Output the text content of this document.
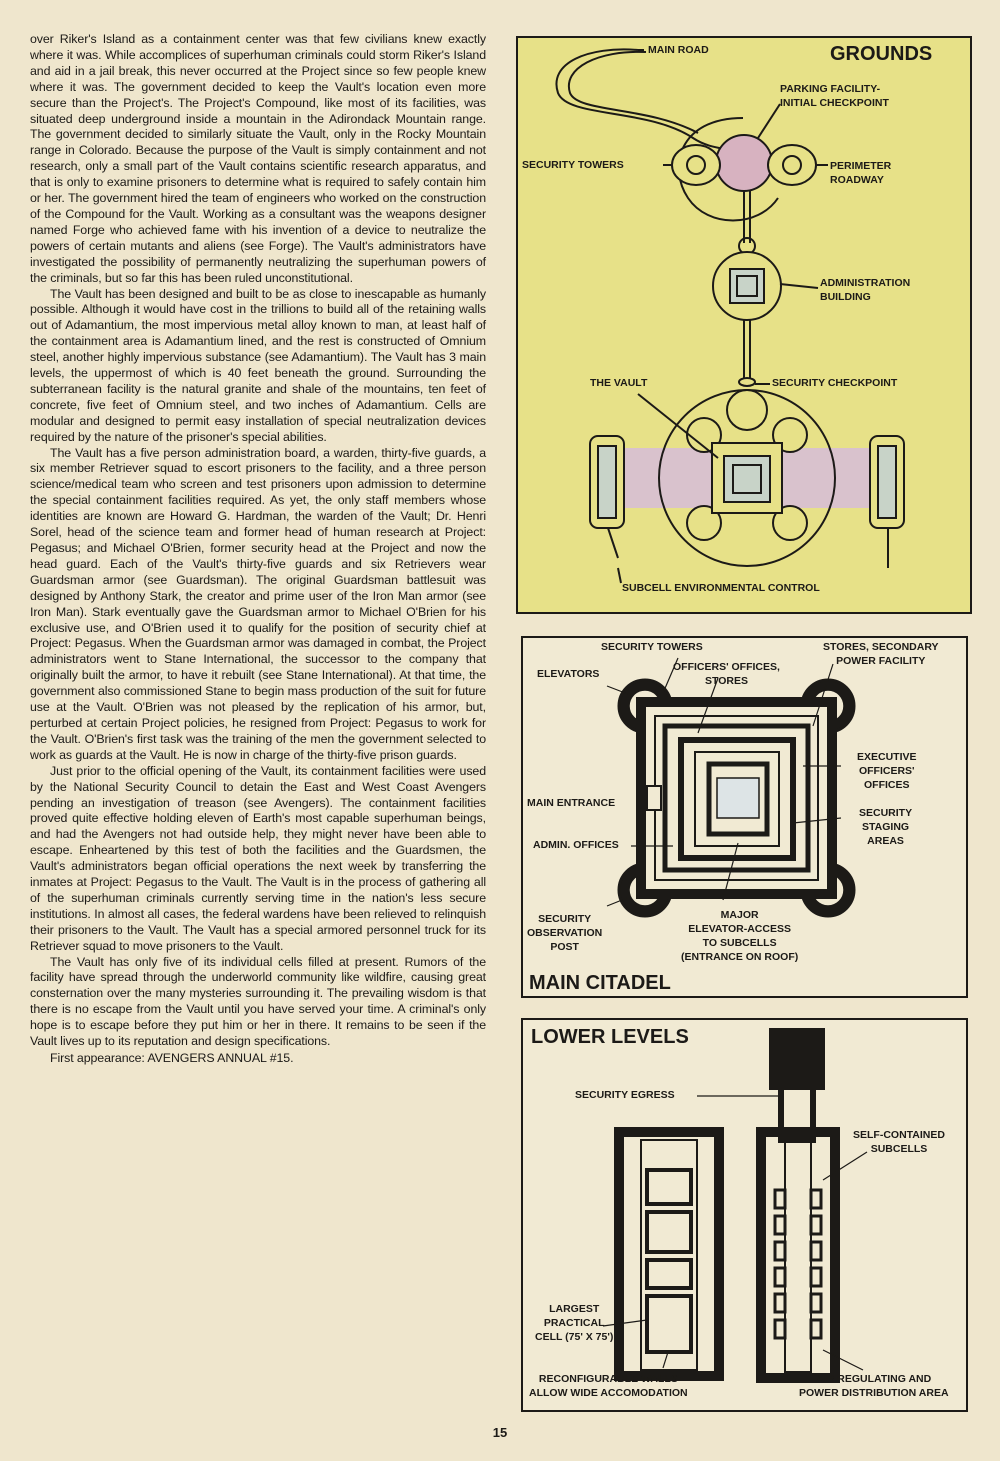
over Riker's Island as a containment center was that few civilians knew exactly where it was. While accomplices of superhuman criminals could storm Riker's Island and aid in a jail break, this never occurred at the Project since so few people knew where it was. The government decided to keep the Vault's location even more secure than the Project's. The Project's Compound, like most of its facilities, was situated deep underground inside a mountain in the Adirondack Mountain range. The government decided to similarly situate the Vault, only in the Rocky Mountain range in Colorado. Because the purpose of the Vault is simply containment and not research, only a small part of the Vault contains scientific research apparatus, and that is only to examine prisoners to determine what is required to safely contain him or her. The government hired the team of engineers who worked on the construction of the Compound for the Vault. Working as a consultant was the weapons designer named Forge who achieved fame with his invention of a device to neutralize the powers of certain mutants and aliens (see Forge). The Vault's administrators have investigated the possibility of permanently neutralizing the superhuman powers of the criminals, but so far this has been ruled unconstitutional.

The Vault has been designed and built to be as close to inescapable as humanly possible. Although it would have cost in the trillions to build all of the retaining walls out of Adamantium, the most impervious metal alloy known to man, at least half of the containment area is Adamantium lined, and the rest is constructed of Omnium steel, another highly impervious substance (see Adamantium). The Vault has 3 main levels, the uppermost of which is 40 feet beneath the ground. Surrounding the subterranean facility is the natural granite and shale of the mountains, ten feet of concrete, five feet of Omnium steel, and two inches of Adamantium. Cells are modular and designed to permit easy installation of special neutralization devices required by the nature of the prisoner's special abilities.

The Vault has a five person administration board, a warden, thirty-five guards, a six member Retriever squad to escort prisoners to the facility, and a three person science/medical team who screen and test prisoners upon admission to determine the special containment facilities required. As yet, the only staff members whose identities are known are Howard G. Hardman, the warden of the Vault; Dr. Henri Sorel, head of the science team and former head of human research at Project: Pegasus; and Michael O'Brien, former security head at the Project and now the head guard. Each of the Vault's thirty-five guards and six Retrievers wear Guardsman armor (see Guardsman). The original Guardsman battlesuit was designed by Anthony Stark, the creator and prime user of the Iron Man armor (see Iron Man). Stark eventually gave the Guardsman armor to Michael O'Brien for his exclusive use, and O'Brien used it to qualify for the position of security chief at Project: Pegasus. When the Guardsman armor was damaged in combat, the Project administrators went to Stane International, the successor to the company that originally built the armor, to have it rebuilt (see Stane International). At that time, the government also commissioned Stane to begin mass production of the suit for future use at the Vault. O'Brien was not pleased by the replication of his armor, but, perturbed at certain Project policies, he resigned from Project: Pegasus to work for the Vault. O'Brien's first task was the training of the men the government selected to work as guards at the Vault. He is now in charge of the thirty-five prison guards.

Just prior to the official opening of the Vault, its containment facilities were used by the National Security Council to detain the East and West Coast Avengers pending an investigation of treason (see Avengers). The containment facilities proved quite effective holding eleven of Earth's most capable superhuman beings, and had the Avengers not had outside help, they might never have been able to escape. Enheartened by this test of both the facilities and the Guardsmen, the Vault's administrators began official operations the next week by transferring the inmates at Project: Pegasus to the Vault. The Vault is in the process of gathering all of the superhuman criminals currently serving time in the nation's less secure institutions. In almost all cases, the federal wardens have been relieved to relinquish their prisoners to the Vault. The Vault has a special armored personnel truck for its Retriever squad to move prisoners to the Vault.

The Vault has only five of its individual cells filled at present. Rumors of the facility have spread through the underworld community like wildfire, causing great consternation over the many mysteries surrounding it. The prevailing wisdom is that there is no escape from the Vault until you have served your time. A criminal's only hope is to escape before they put him or her in there. It remains to be seen if the Vault lives up to its reputation and design specifications.

First appearance: AVENGERS ANNUAL #15.
GROUNDS
MAIN ROAD
PARKING FACILITY-
INITIAL CHECKPOINT
SECURITY TOWERS	PERIMETER
ROADWAY
ADMINISTRATION
BUILDING
THE VAULT	SECURITY CHECKPOINT
SUBCELL ENVIRONMENTAL CONTROL
SECURITY TOWERS	STORES, SECONDARY
POWER FACILITY
ELEVATORS
OFFICERS' OFFICES,
STORES
EXECUTIVE
OFFICERS'
OFFICES
MAIN ENTRANCE
SECURITY
STAGING
AREAS
ADMIN. OFFICES
SECURITY
OBSERVATION
POST
MAJOR
ELEVATOR-ACCESS
TO SUBCELLS
(ENTRANCE ON ROOF)
MAIN CITADEL
LOWER LEVELS
SECURITY EGRESS
SELF-CONTAINED
SUBCELLS
LARGEST
PRACTICAL
CELL (75' X 75')
RECONFIGURABLE WALLS
ALLOW WIDE ACCOMODATION
AIR REGULATING AND
POWER DISTRIBUTION AREA
15
